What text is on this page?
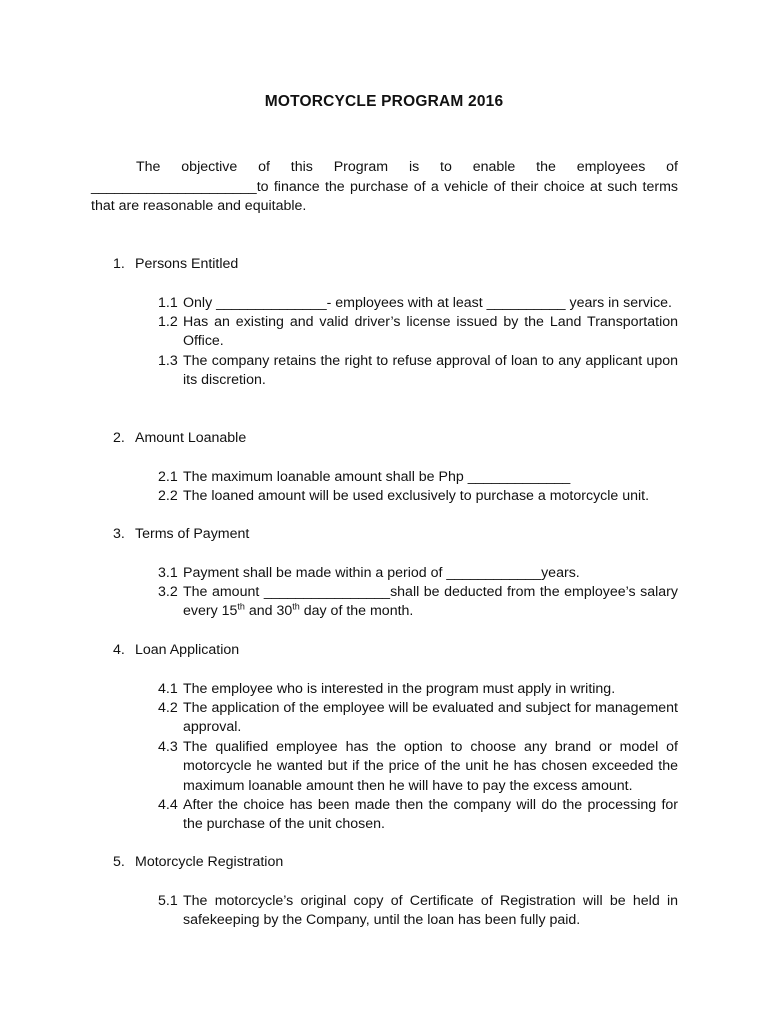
MOTORCYCLE PROGRAM 2016

The objective of this Program is to enable the employees of _____________________to finance the purchase of a vehicle of their choice at such terms that are reasonable and equitable.

1. Persons Entitled

1.1 Only ______________- employees with at least __________ years in service.
1.2 Has an existing and valid driver’s license issued by the Land Transportation Office.
1.3 The company retains the right to refuse approval of loan to any applicant upon its discretion.

2. Amount Loanable

2.1 The maximum loanable amount shall be Php _____________
2.2 The loaned amount will be used exclusively to purchase a motorcycle unit.

3. Terms of Payment

3.1 Payment shall be made within a period of ____________years.
3.2 The amount ________________shall be deducted from the employee’s salary every 15th and 30th day of the month.

4. Loan Application

4.1 The employee who is interested in the program must apply in writing.
4.2 The application of the employee will be evaluated and subject for management approval.
4.3 The qualified employee has the option to choose any brand or model of motorcycle he wanted but if the price of the unit he has chosen exceeded the maximum loanable amount then he will have to pay the excess amount.
4.4 After the choice has been made then the company will do the processing for the purchase of the unit chosen.

5. Motorcycle Registration

5.1 The motorcycle’s original copy of Certificate of Registration will be held in safekeeping by the Company, until the loan has been fully paid.
